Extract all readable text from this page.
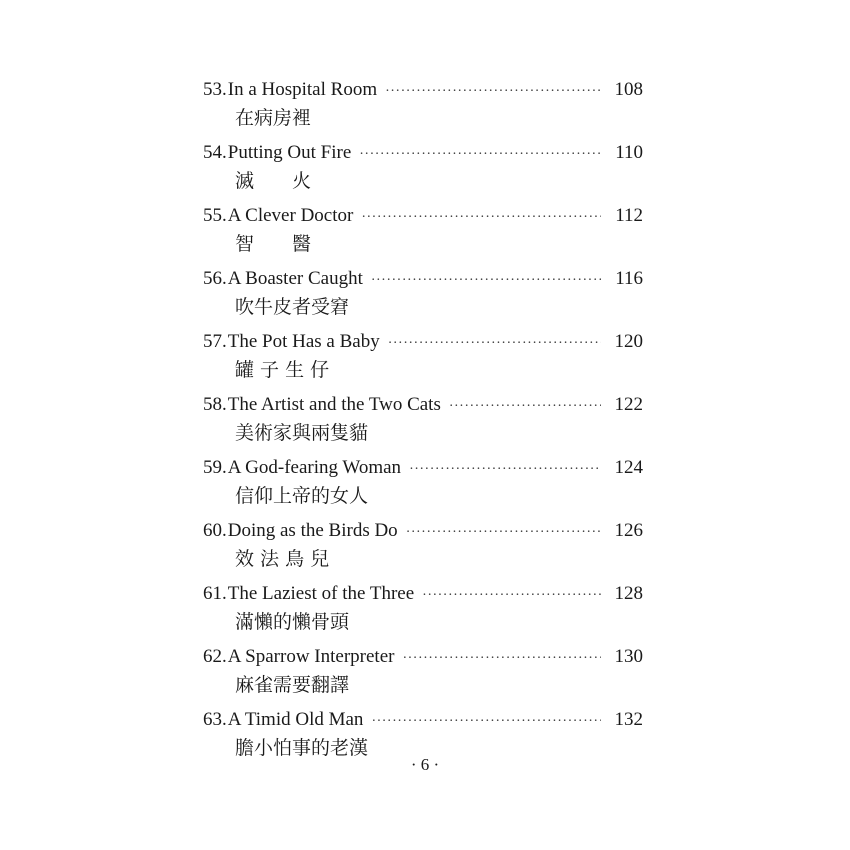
53. In a Hospital Room ·····	108
在病房裡
54. Putting Out Fire ·····	110
滅　　火
55. A Clever Doctor ·····	112
智　　醫
56. A Boaster Caught ·····	116
吹牛皮者受窘
57. The Pot Has a Baby ·····	120
罐 子 生 仔
58. The Artist and the Two Cats ·····	122
美術家與兩隻貓
59. A God-fearing Woman ·····	124
信仰上帝的女人
60. Doing as the Birds Do ·····	126
效 法 鳥 兒
61. The Laziest of the Three ·····	128
滿懶的懶骨頭
62. A Sparrow Interpreter ·····	130
麻雀需要翻譯
63. A Timid Old Man ·····	132
膽小怕事的老漢
· 6 ·
